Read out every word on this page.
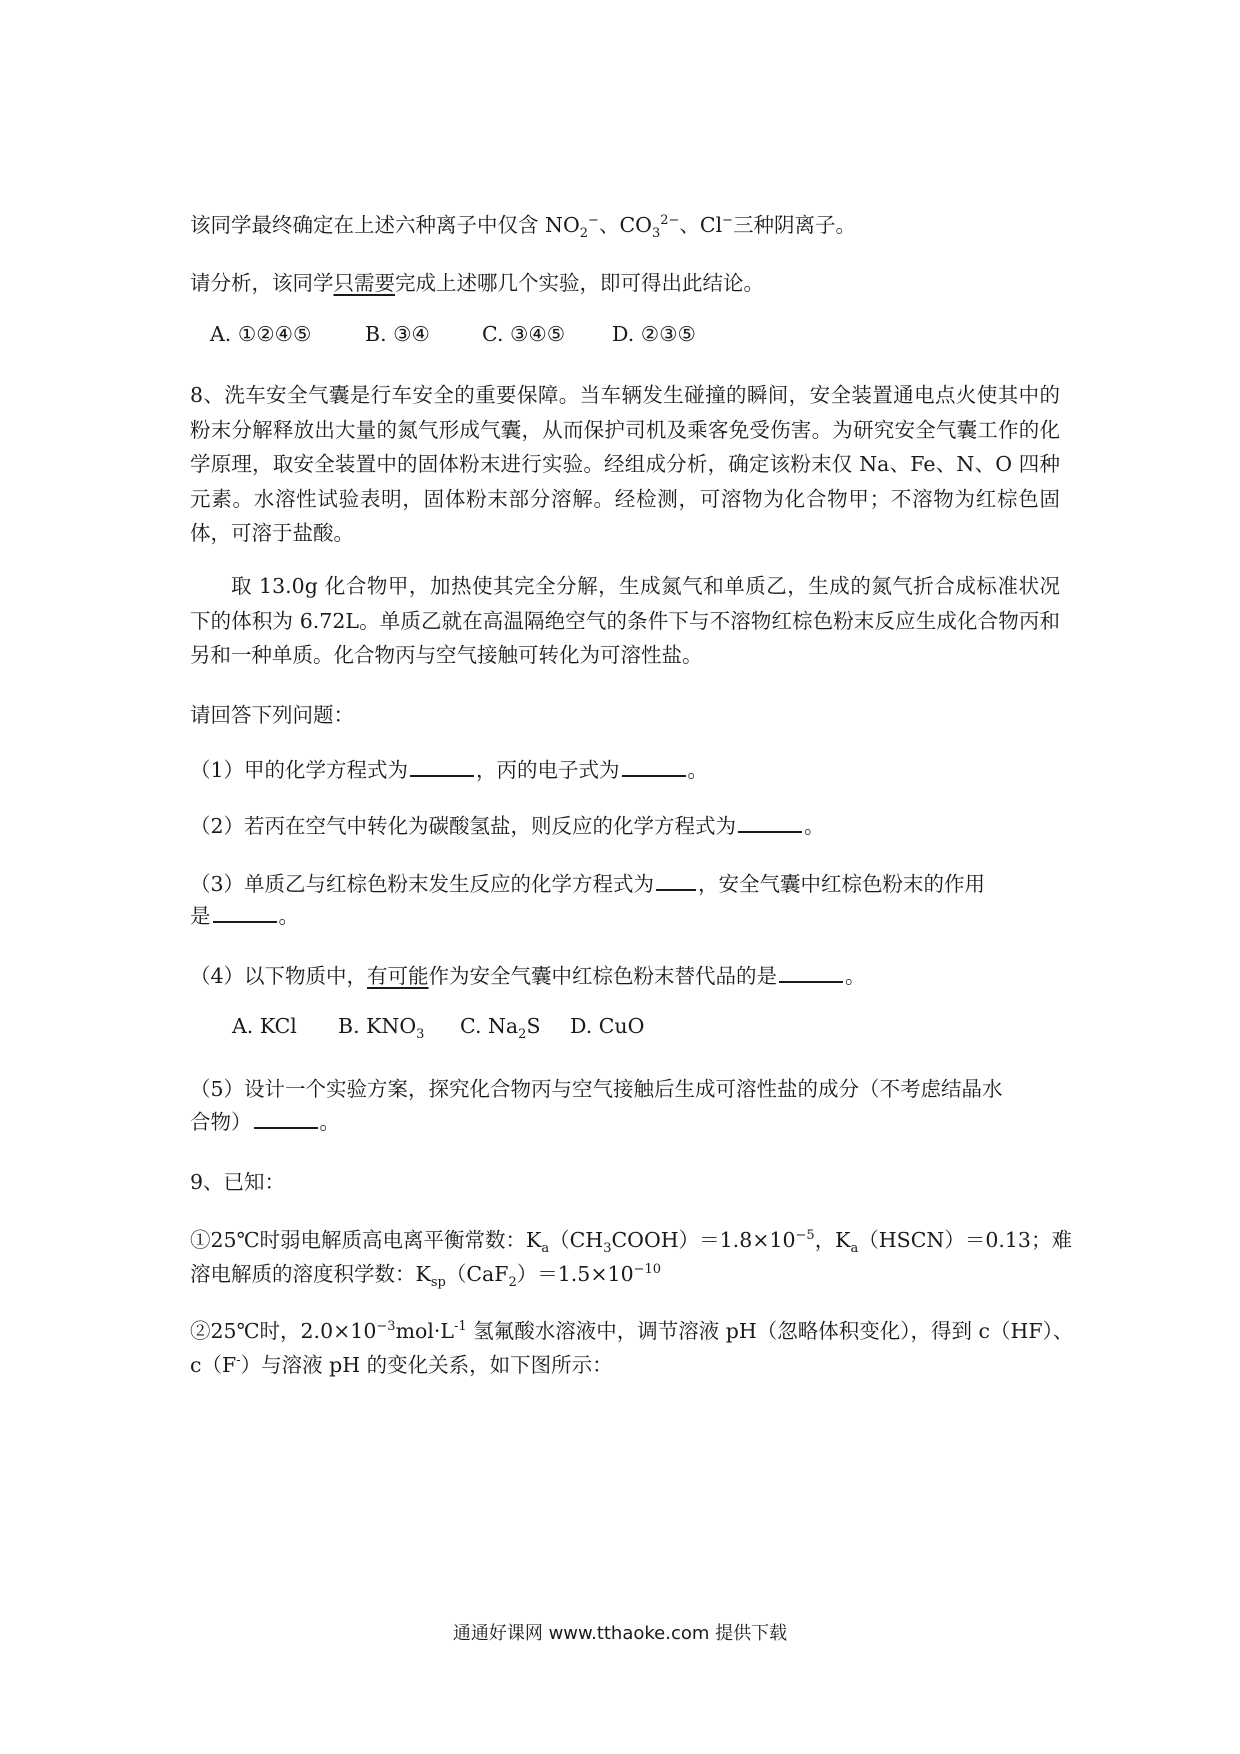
该同学最终确定在上述六种离子中仅含 $NO_2^-$、$CO_3^{2-}$、Cl−三种阴离子。

请分析，该同学只需要完成上述哪几个实验，即可得出此结论。

A. ①②④⑤	B. ③④	C. ③④⑤	D. ②③⑤

8、洗车安全气囊是行车安全的重要保障。当车辆发生碰撞的瞬间，安全装置通电点火使其中的粉末分解释放出大量的氮气形成气囊，从而保护司机及乘客免受伤害。为研究安全气囊工作的化学原理，取安全装置中的固体粉末进行实验。经组成分析，确定该粉末仅 Na、Fe、N、O 四种元素。水溶性试验表明，固体粉末部分溶解。经检测，可溶物为化合物甲；不溶物为红棕色固体，可溶于盐酸。

取 13.0g 化合物甲，加热使其完全分解，生成氮气和单质乙，生成的氮气折合成标准状况下的体积为 6.72L。单质乙就在高温隔绝空气的条件下与不溶物红棕色粉末反应生成化合物丙和另和一种单质。化合物丙与空气接触可转化为可溶性盐。

请回答下列问题：

（1）甲的化学方程式为	，丙的电子式为	。

（2）若丙在空气中转化为碳酸氢盐，则反应的化学方程式为	。

（3）单质乙与红棕色粉末发生反应的化学方程式为 ，安全气囊中红棕色粉末的作用

是	。

（4）以下物质中，有可能作为安全气囊中红棕色粉末替代品的是	。

A. KCl	B. $KNO_3$	C. $Na_2S$	D. CuO

（5）设计一个实验方案，探究化合物丙与空气接触后生成可溶性盐的成分（不考虑结晶水

合物）	。

9、已知：

①25℃时弱电解质高电离平衡常数：$K_a(CH_3COOH)=1.8\times 10^{-5}$，$K_a(HSCN)=0.13$；难

溶电解质的溶度积学数：$K_{sp}(CaF_2)=1.5\times 10^{-10}$

②25℃时，$2.0\times 10^{-3}mol\cdot L^{-1}$ 氢氟酸水溶液中，调节溶液 pH（忽略体积变化），得到 c（HF）、

c（F-）与溶液 pH 的变化关系，如下图所示：

通通好课网 www.tthaoke.com 提供下载
